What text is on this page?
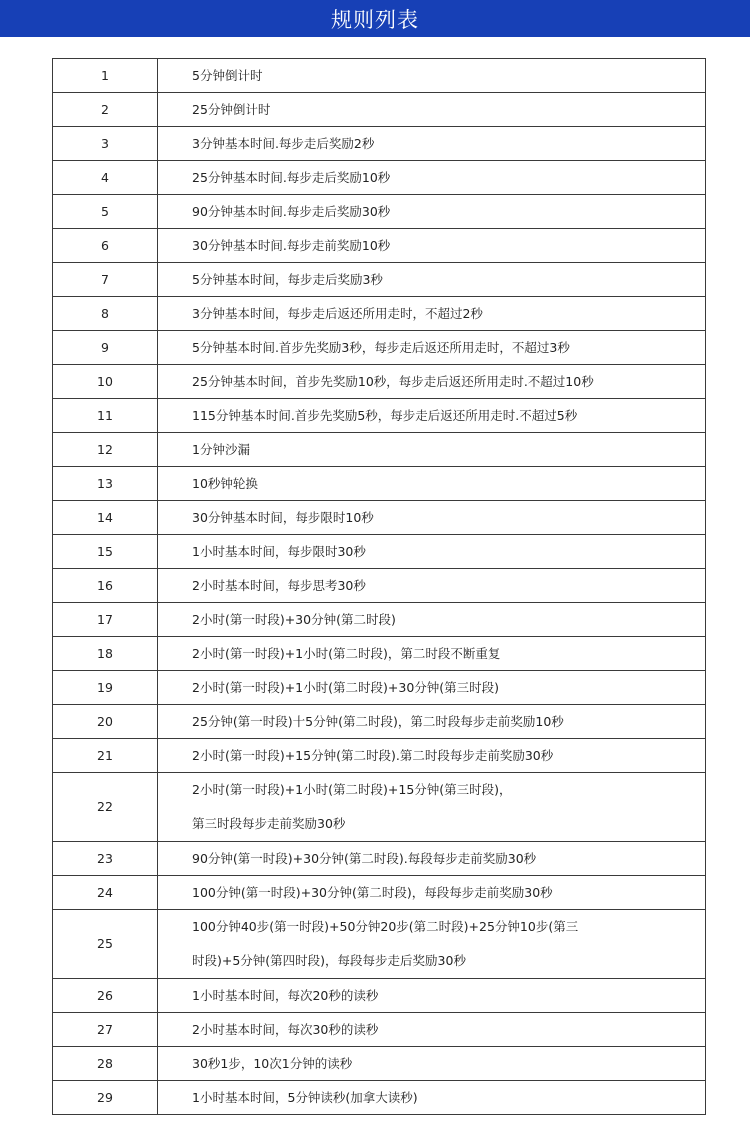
规则列表
1	5分钟倒计时
2	25分钟倒计时
3	3分钟基本时间.每步走后奖励2秒
4	25分钟基本时间.每步走后奖励10秒
5	90分钟基本时间.每步走后奖励30秒
6	30分钟基本时间.每步走前奖励10秒
7	5分钟基本时间，每步走后奖励3秒
8	3分钟基本时间，每步走后返还所用走时，不超过2秒
9	5分钟基本时间.首步先奖励3秒，每步走后返还所用走时，不超过3秒
10	25分钟基本时间，首步先奖励10秒，每步走后返还所用走时.不超过10秒
11	115分钟基本时间.首步先奖励5秒，每步走后返还所用走时.不超过5秒
12	1分钟沙漏
13	10秒钟轮换
14	30分钟基本时间，每步限时10秒
15	1小时基本时间，每步限时30秒
16	2小时基本时间，每步思考30秒
17	2小时(第一时段)+30分钟(第二时段)
18	2小时(第一时段)+1小时(第二时段)，第二时段不断重复
19	2小时(第一时段)+1小时(第二时段)+30分钟(第三时段)
20	25分钟(第一时段)十5分钟(第二时段)，第二时段每步走前奖励10秒
21	2小时(第一时段)+15分钟(第二时段).第二时段每步走前奖励30秒
22	2小时(第一时段)+1小时(第二时段)+15分钟(第三时段)，
第三时段每步走前奖励30秒

23	90分钟(第一时段)+30分钟(第二时段).每段每步走前奖励30秒
24	100分钟(第一时段)+30分钟(第二时段)，每段每步走前奖励30秒
25	100分钟40步(第一时段)+50分钟20步(第二时段)+25分钟10步(第三
时段)+5分钟(第四时段)，每段每步走后奖励30秒

26	1小时基本时间，每次20秒的读秒
27	2小时基本时间，每次30秒的读秒
28	30秒1步，10次1分钟的读秒
29	1小时基本时间，5分钟读秒(加拿大读秒)
